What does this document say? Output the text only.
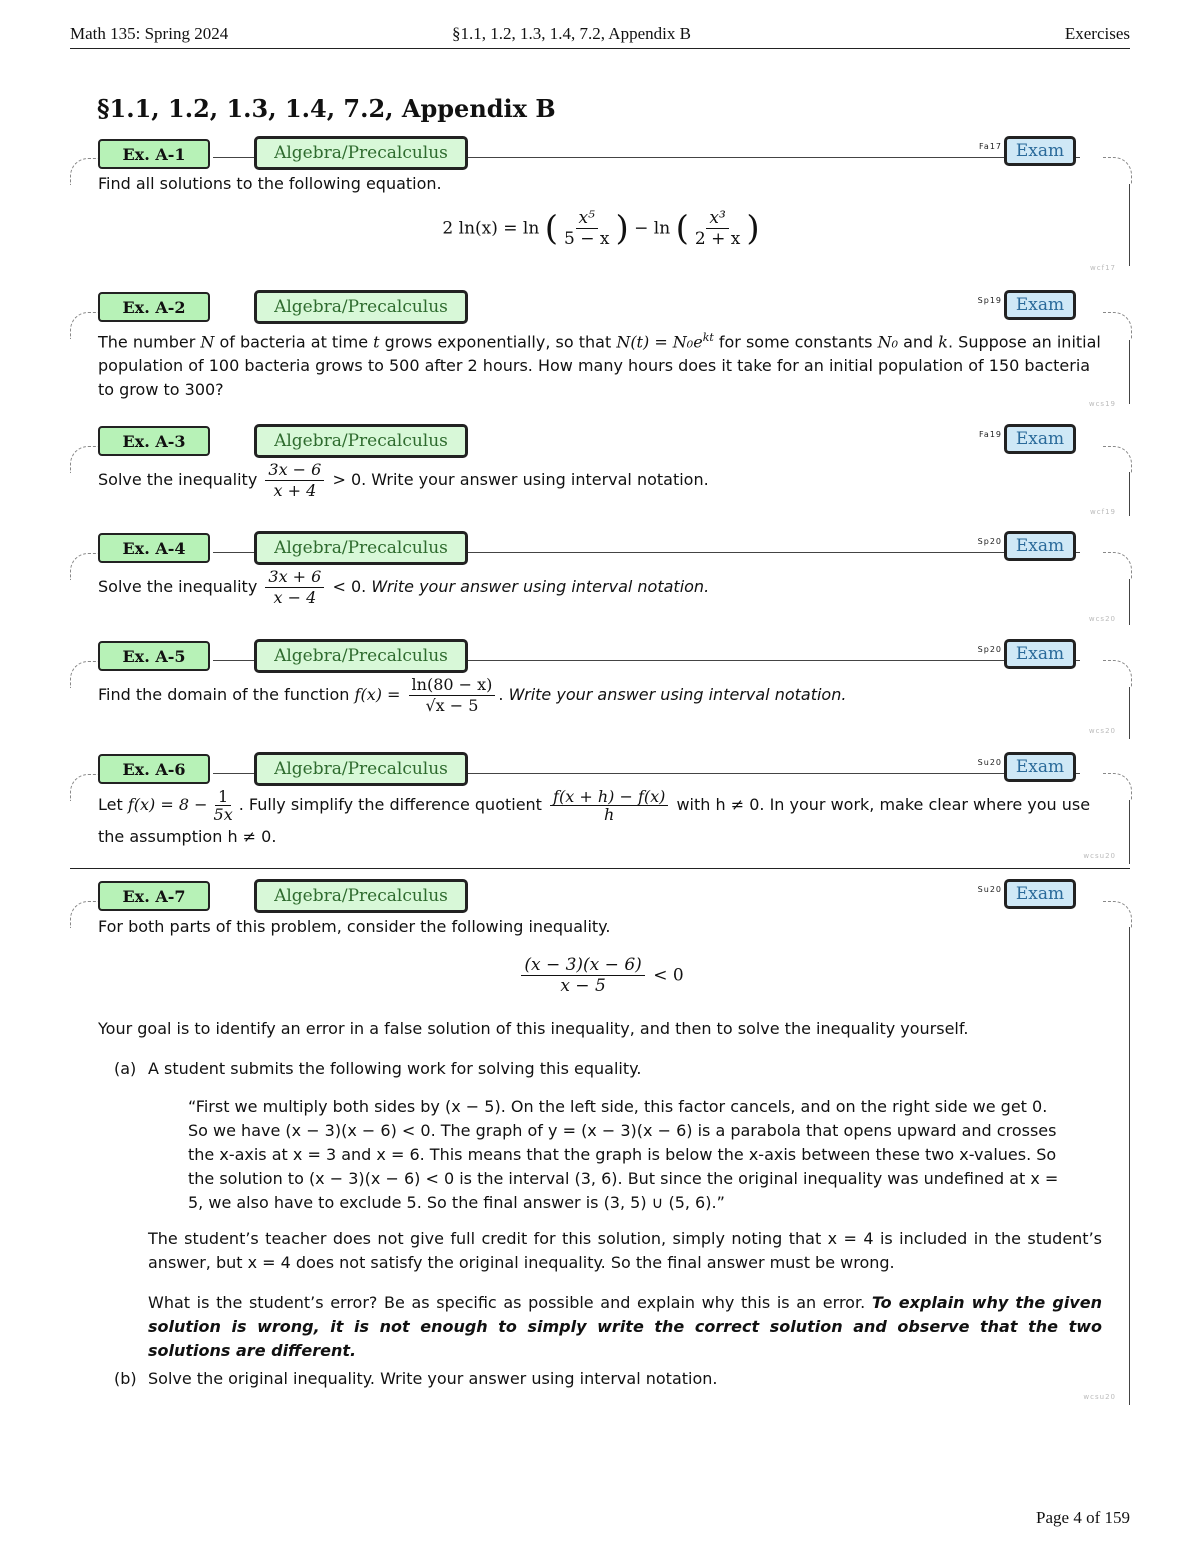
Math 135: Spring 2024	§1.1, 1.2, 1.3, 1.4, 7.2, Appendix B	Exercises
§1.1, 1.2, 1.3, 1.4, 7.2, Appendix B
Ex. A-1	Algebra/Precalculus	Fa17 Exam
Find all solutions to the following equation.
2 ln(x) = ln ( $\frac{\text{x⁵}}{5 - x}$ ) − ln ( $\frac{\text{x³}}{2 + x}$ )
wcf17
Ex. A-2	Algebra/Precalculus	Sp19 Exam
The number N of bacteria at time t grows exponentially, so that $N(t) = N_0e^{kt}$ for some constants N₀ and k. Suppose an initial population of 100 bacteria grows to 500 after 2 hours. How many hours does it take for an initial population of 150 bacteria to grow to 300?
wcs19
Ex. A-3	Algebra/Precalculus	Fa19 Exam
Solve the inequality $\frac{3x - 6}{x + 4} > 0$. Write your answer using interval notation.
wcf19
Ex. A-4	Algebra/Precalculus	Sp20 Exam
Solve the inequality $\frac{3x + 6}{x - 4} < 0$. Write your answer using interval notation.
wcs20
Ex. A-5	Algebra/Precalculus	Sp20 Exam
Find the domain of the function $f(x) = \frac{\ln(80 - x)}{√x - 5}$ . Write your answer using interval notation.
wcs20
Ex. A-6	Algebra/Precalculus	Su20 Exam
Let $f(x) = 8 - \frac{1}{5x}$ . Fully simplify the difference quotient $\frac{f(x + h) - f(x)}{h}$ with h ≠ 0. In your work, make clear where you use the assumption h ≠ 0.
wcsu20
Ex. A-7	Algebra/Precalculus	Su20 Exam
For both parts of this problem, consider the following inequality.
$\frac{(x - 3)(x - 6)}{x - 5} < 0$
Your goal is to identify an error in a false solution of this inequality, and then to solve the inequality yourself.
(a) A student submits the following work for solving this equality.
“First we multiply both sides by (x − 5). On the left side, this factor cancels, and on the right side we get 0. So we have (x − 3)(x − 6) < 0. The graph of y = (x − 3)(x − 6) is a parabola that opens upward and crosses the x-axis at x = 3 and x = 6. This means that the graph is below the x-axis between these two x-values. So the solution to (x − 3)(x − 6) < 0 is the interval (3, 6). But since the original inequality was undefined at x = 5, we also have to exclude 5. So the final answer is (3, 5) ∪ (5, 6).”
The student’s teacher does not give full credit for this solution, simply noting that x = 4 is included in the student’s answer, but x = 4 does not satisfy the original inequality. So the final answer must be wrong.
What is the student’s error? Be as specific as possible and explain why this is an error. To explain why the given solution is wrong, it is not enough to simply write the correct solution and observe that the two solutions are different.
(b) Solve the original inequality. Write your answer using interval notation.
wcsu20
Page 4 of 159
